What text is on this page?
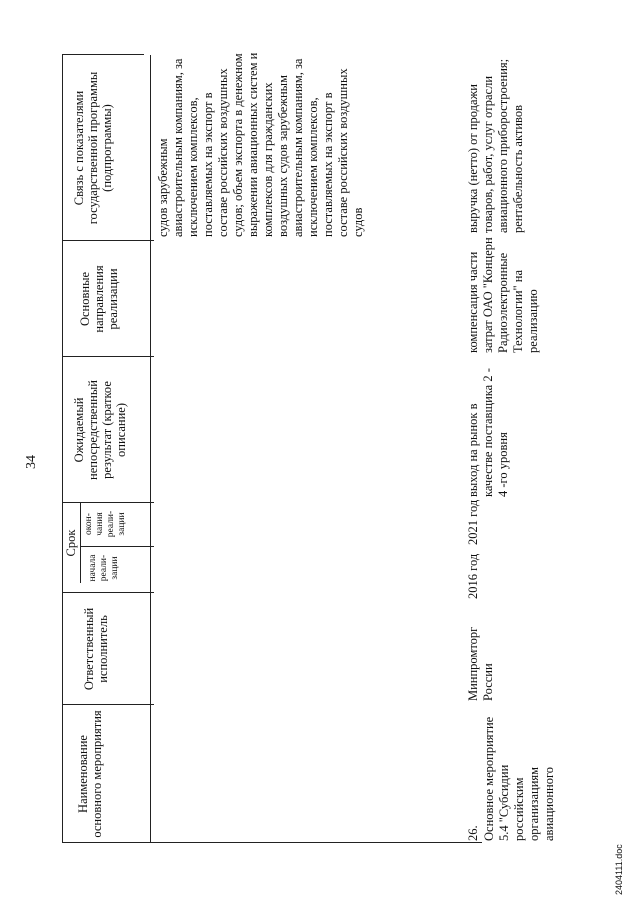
34
Наименование основного мероприятия
Ответственный исполнитель
Срок
начала реали-зации
окон-чания реали-зации
Ожидаемый непосредственный результат (краткое описание)
Основные направления реализации
Связь с показателями государственной программы (подпрограммы)	судов зарубежным авиастроительным компаниям, за исключением комплексов, поставляемых на экспорт в составе российских воздушных судов; объем экспорта в денежном выражении авиационных систем и комплексов для гражданских воздушных судов зарубежным авиастроительным компаниям, за исключением комплексов, поставляемых на экспорт в составе российских воздушных судов
26. Основное мероприятие 5.4 "Субсидии российским организациям авиационного
Минпромторг России
2016 год
2021 год
выход на рынок в качестве поставщика 2 - 4 -го уровня
компенсация части затрат ОАО "Концерн Радиоэлектронные Технологии" на реализацию
выручка (нетто) от продажи товаров, работ, услуг отрасли авиационного приборостроения; рентабельность активов
2404111.doc
